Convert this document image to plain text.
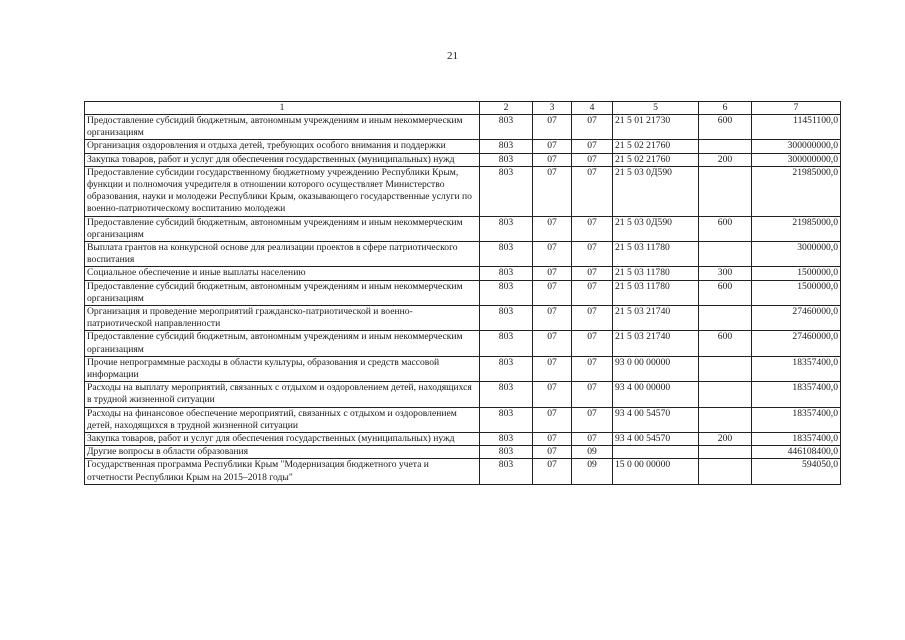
21
1	2	3	4	5	6	7
Предоставление субсидий бюджетным, автономным учреждениям и иным некоммерческим организациям	803	07	07	21 5 01 21730	600	11451100,0
Организация оздоровления и отдыха детей, требующих особого внимания и поддержки	803	07	07	21 5 02 21760		300000000,0
Закупка товаров, работ и услуг для обеспечения государственных (муниципальных) нужд	803	07	07	21 5 02 21760	200	300000000,0
Предоставление субсидии государственному бюджетному учреждению Республики Крым, функции и полномочия учредителя в отношении которого осуществляет Министерство образования, науки и молодежи Республики Крым, оказывающего государственные услуги по военно-патриотическому воспитанию молодежи	803	07	07	21 5 03 0Д590		21985000,0
Предоставление субсидий бюджетным, автономным учреждениям и иным некоммерческим организациям	803	07	07	21 5 03 0Д590	600	21985000,0
Выплата грантов на конкурсной основе для реализации проектов в сфере патриотического воспитания	803	07	07	21 5 03 11780		3000000,0
Социальное обеспечение и иные выплаты населению	803	07	07	21 5 03 11780	300	1500000,0
Предоставление субсидий бюджетным, автономным учреждениям и иным некоммерческим организациям	803	07	07	21 5 03 11780	600	1500000,0
Организация и проведение мероприятий гражданско-патриотической и военно-патриотической направленности	803	07	07	21 5 03 21740		27460000,0
Предоставление субсидий бюджетным, автономным учреждениям и иным некоммерческим организациям	803	07	07	21 5 03 21740	600	27460000,0
Прочие непрограммные расходы в области культуры, образования и средств массовой информации	803	07	07	93 0 00 00000		18357400,0
Расходы на выплату мероприятий, связанных с отдыхом и оздоровлением детей, находящихся в трудной жизненной ситуации	803	07	07	93 4 00 00000		18357400,0
Расходы на финансовое обеспечение мероприятий, связанных с отдыхом и оздоровлением детей, находящихся в трудной жизненной ситуации	803	07	07	93 4 00 54570		18357400,0
Закупка товаров, работ и услуг для обеспечения государственных (муниципальных) нужд	803	07	07	93 4 00 54570	200	18357400,0
Другие вопросы в области образования	803	07	09			446108400,0
Государственная программа Республики Крым "Модернизация бюджетного учета и отчетности Республики Крым на 2015–2018 годы"	803	07	09	15 0 00 00000		594050,0
